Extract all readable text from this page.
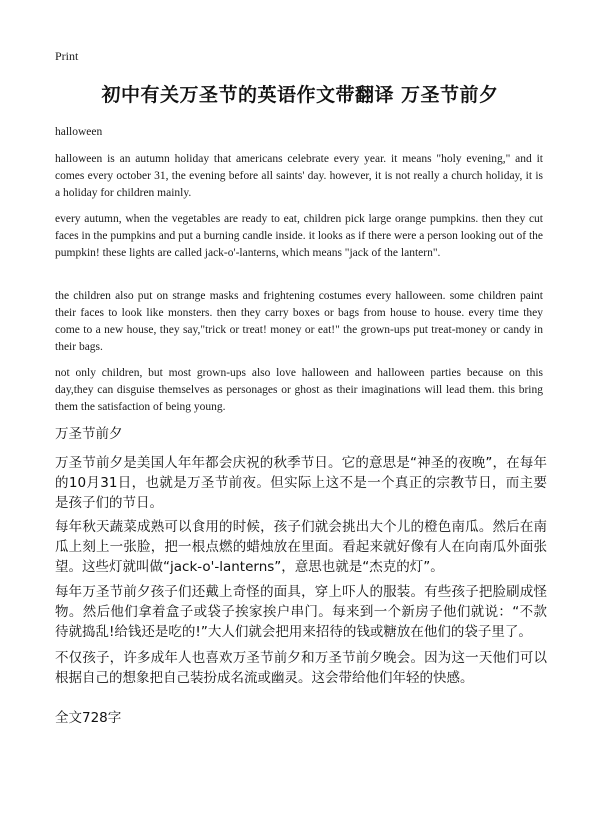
Print
初中有关万圣节的英语作文带翻译 万圣节前夕
halloween
halloween is an autumn holiday that americans celebrate every year. it means "holy evening," and it comes every october 31, the evening before all saints' day. however, it is not really a church holiday, it is a holiday for children mainly.
every autumn, when the vegetables are ready to eat, children pick large orange pumpkins. then they cut faces in the pumpkins and put a burning candle inside. it looks as if there were a person looking out of the pumpkin! these lights are called jack-o'-lanterns, which means "jack of the lantern".
the children also put on strange masks and frightening costumes every halloween. some children paint their faces to look like monsters. then they carry boxes or bags from house to house. every time they come to a new house, they say,"trick or treat! money or eat!" the grown-ups put treat-money or candy in their bags.
not only children, but most grown-ups also love halloween and halloween parties because on this day,they can disguise themselves as personages or ghost as their imaginations will lead them. this bring them the satisfaction of being young.
万圣节前夕
万圣节前夕是美国人年年都会庆祝的秋季节日。它的意思是“神圣的夜晚”，在每年的10月31日，也就是万圣节前夜。但实际上这不是一个真正的宗教节日，而主要是孩子们的节日。
每年秋天蔬菜成熟可以食用的时候，孩子们就会挑出大个儿的橙色南瓜。然后在南瓜上刻上一张脸，把一根点燃的蜡烛放在里面。看起来就好像有人在向南瓜外面张望。这些灯就叫做“jack-o'-lanterns”，意思也就是“杰克的灯”。
每年万圣节前夕孩子们还戴上奇怪的面具，穿上吓人的服装。有些孩子把脸刷成怪物。然后他们拿着盒子或袋子挨家挨户串门。每来到一个新房子他们就说：“不款待就捣乱!给钱还是吃的!”大人们就会把用来招待的钱或糖放在他们的袋子里了。
不仅孩子，许多成年人也喜欢万圣节前夕和万圣节前夕晚会。因为这一天他们可以根据自己的想象把自己装扮成名流或幽灵。这会带给他们年轻的快感。
全文728字
